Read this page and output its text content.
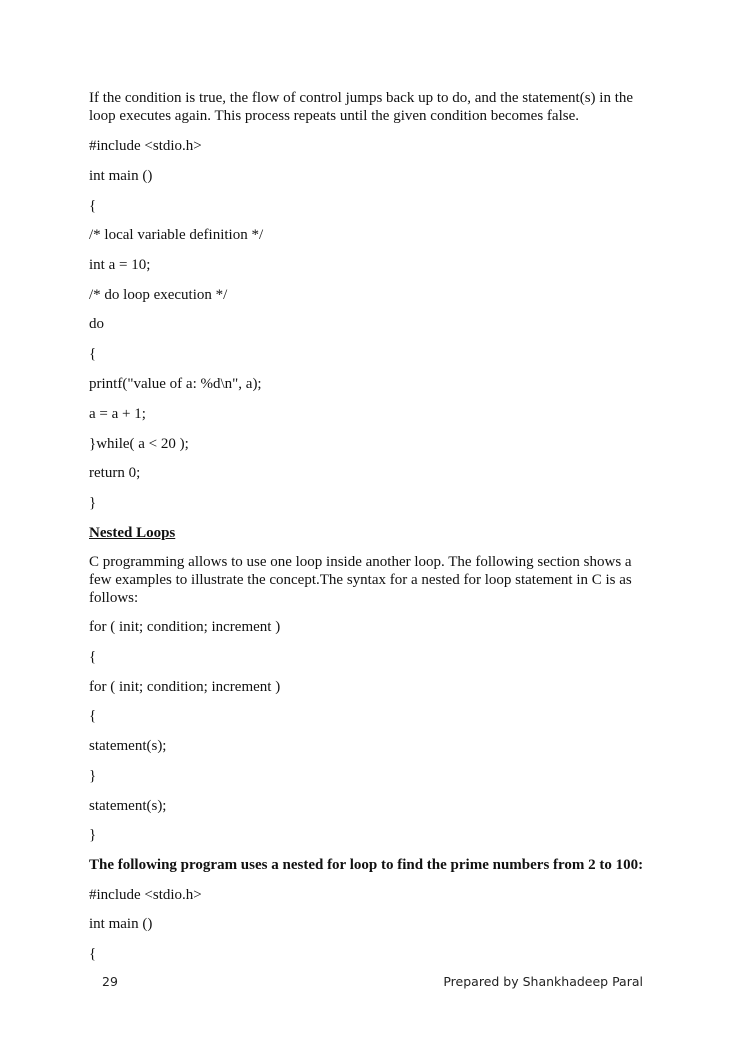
If the condition is true, the flow of control jumps back up to do, and the statement(s) in the loop executes again. This process repeats until the given condition becomes false.

#include <stdio.h>

int main ()

{

/* local variable definition */

int a = 10;

/* do loop execution */

do

{

printf("value of a: %d\n", a);

a = a + 1;

}while( a < 20 );

return 0;

}

Nested Loops

C programming allows to use one loop inside another loop. The following section shows a few examples to illustrate the concept.The syntax for a nested for loop statement in C is as follows:

for ( init; condition; increment )

{

for ( init; condition; increment )

{

statement(s);

}

statement(s);

}

The following program uses a nested for loop to find the prime numbers from 2 to 100:

#include <stdio.h>

int main ()

{

29	Prepared by Shankhadeep Paral
